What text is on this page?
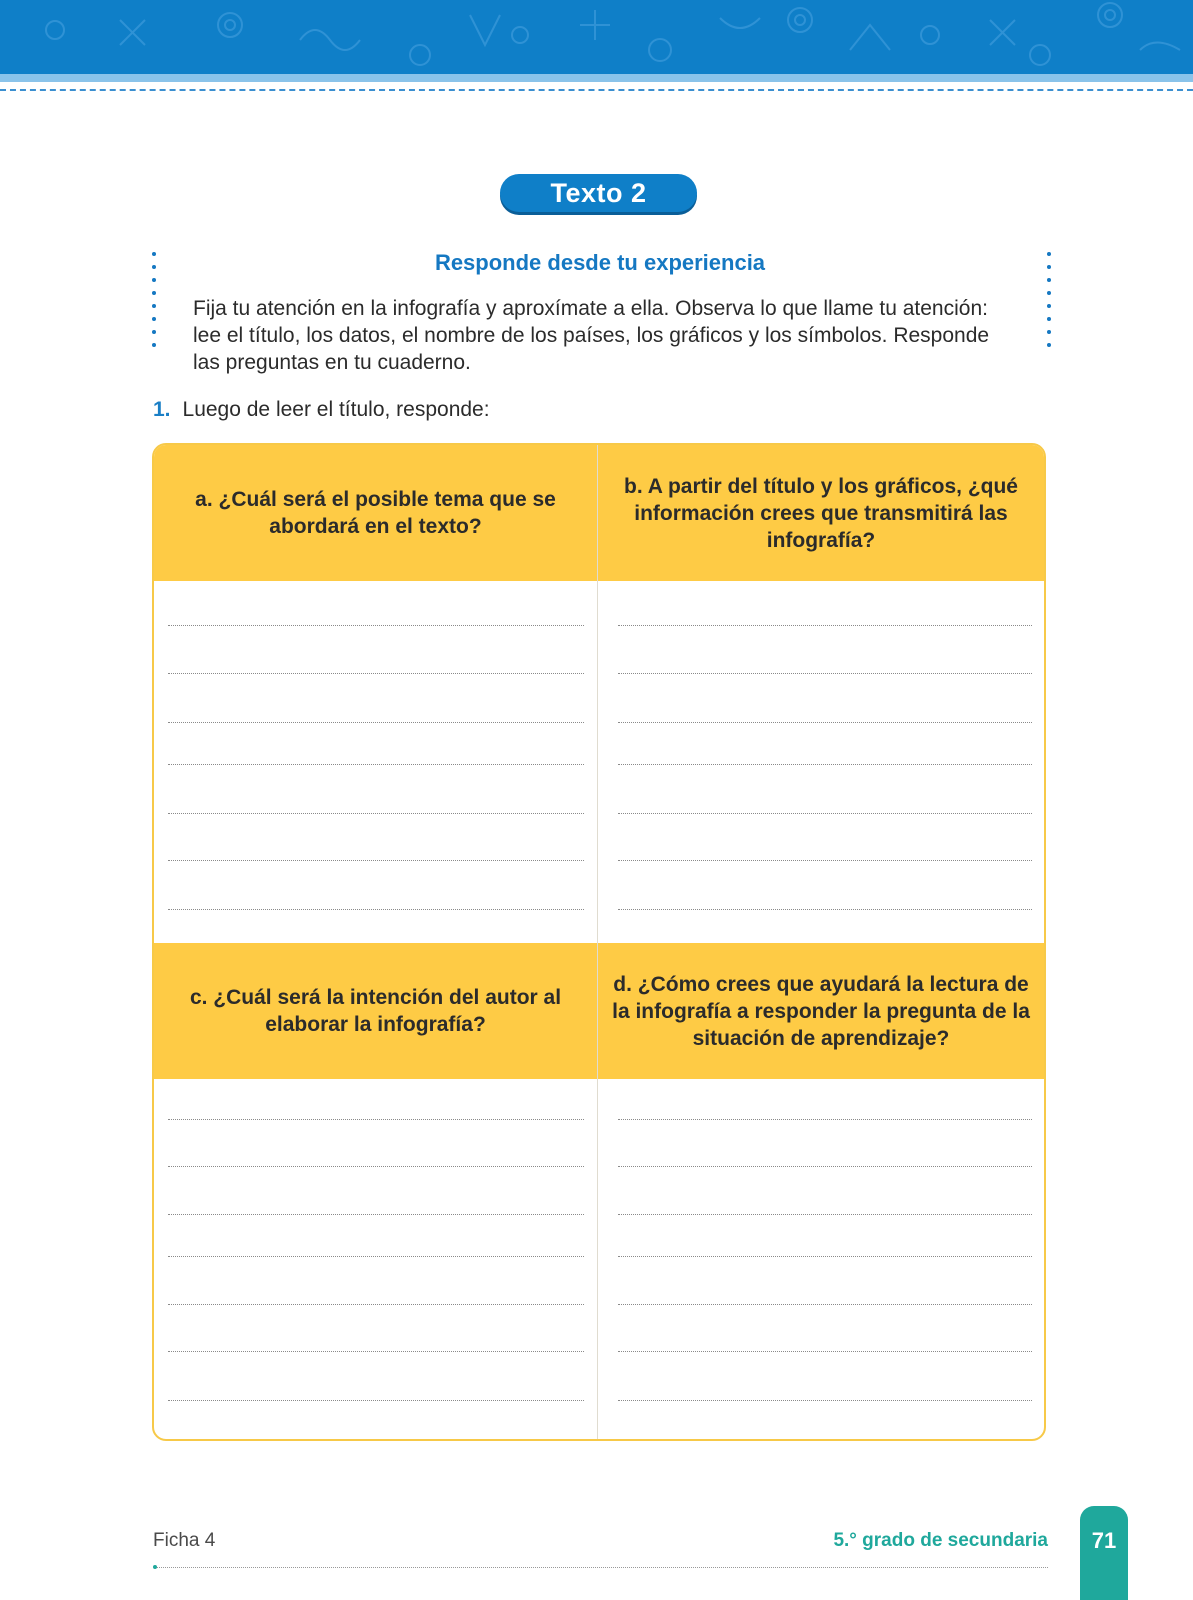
Texto 2
Responde desde tu experiencia
Fija tu atención en la infografía y aproxímate a ella. Observa lo que llame tu atención: lee el título, los datos, el nombre de los países, los gráficos y los símbolos. Responde las preguntas en tu cuaderno.
1. Luego de leer el título, responde:
a. ¿Cuál será el posible tema que se abordará en el texto?
b. A partir del título y los gráficos, ¿qué información crees que transmitirá las infografía?
c. ¿Cuál será la intención del autor al elaborar la infografía?
d. ¿Cómo crees que ayudará la lectura de la infografía a responder la pregunta de la situación de aprendizaje?
Ficha 4	5.° grado de secundaria	71
